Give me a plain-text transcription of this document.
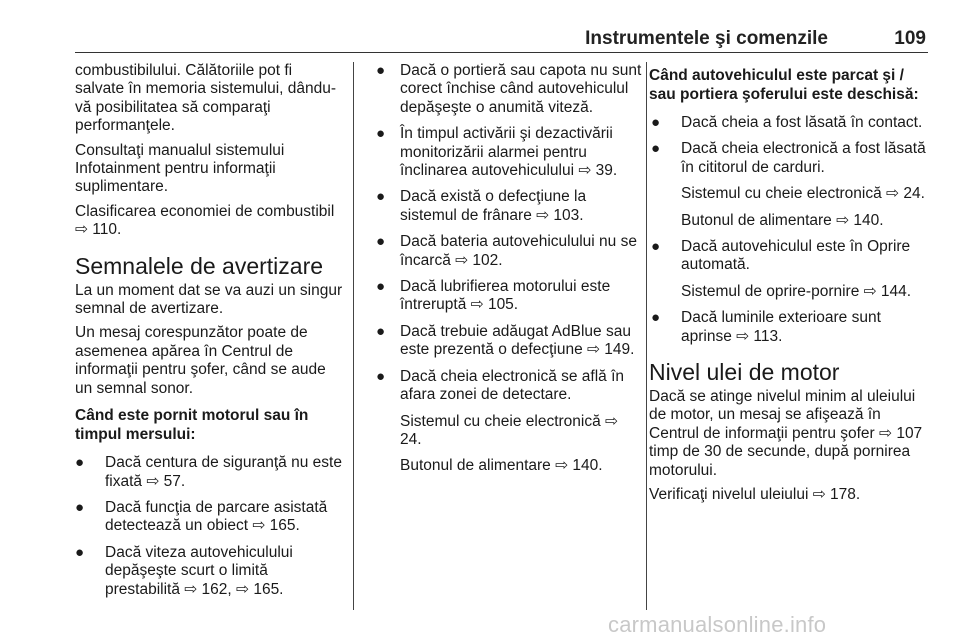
Instrumentele şi comenzile	109

combustibilului. Călătoriile pot fi salvate în memoria sistemului, dându-vă posibilitatea să comparaţi performanţele.

Consultaţi manualul sistemului Infotainment pentru informaţii suplimentare.

Clasificarea economiei de combustibil ⇨ 110.

Semnalele de avertizare

La un moment dat se va auzi un singur semnal de avertizare.

Un mesaj corespunzător poate de asemenea apărea în Centrul de informaţii pentru şofer, când se aude un semnal sonor.

Când este pornit motorul sau în timpul mersului:
● Dacă centura de siguranţă nu este fixată ⇨ 57.
● Dacă funcţia de parcare asistată detectează un obiect ⇨ 165.
● Dacă viteza autovehiculului depăşeşte scurt o limită prestabilită ⇨ 162, ⇨ 165.
● Dacă o portieră sau capota nu sunt corect închise când autovehiculul depăşeşte o anumită viteză.
● În timpul activării şi dezactivării monitorizării alarmei pentru înclinarea autovehiculului ⇨ 39.
● Dacă există o defecţiune la sistemul de frânare ⇨ 103.
● Dacă bateria autovehiculului nu se încarcă ⇨ 102.
● Dacă lubrifierea motorului este întreruptă ⇨ 105.
● Dacă trebuie adăugat AdBlue sau este prezentă o defecţiune ⇨ 149.
● Dacă cheia electronică se află în afara zonei de detectare.

Sistemul cu cheie electronică ⇨ 24.

Butonul de alimentare ⇨ 140.

Când autovehiculul este parcat şi / sau portiera şoferului este deschisă:
● Dacă cheia a fost lăsată în contact.
● Dacă cheia electronică a fost lăsată în cititorul de carduri.

Sistemul cu cheie electronică ⇨ 24.

Butonul de alimentare ⇨ 140.

● Dacă autovehiculul este în Oprire automată.

Sistemul de oprire-pornire ⇨ 144.

● Dacă luminile exterioare sunt aprinse ⇨ 113.
Nivel ulei de motor

Dacă se atinge nivelul minim al uleiului de motor, un mesaj se afişează în Centrul de informaţii pentru şofer ⇨ 107 timp de 30 de secunde, după pornirea motorului.

Verificaţi nivelul uleiului ⇨ 178.

carmanualsonline.info
